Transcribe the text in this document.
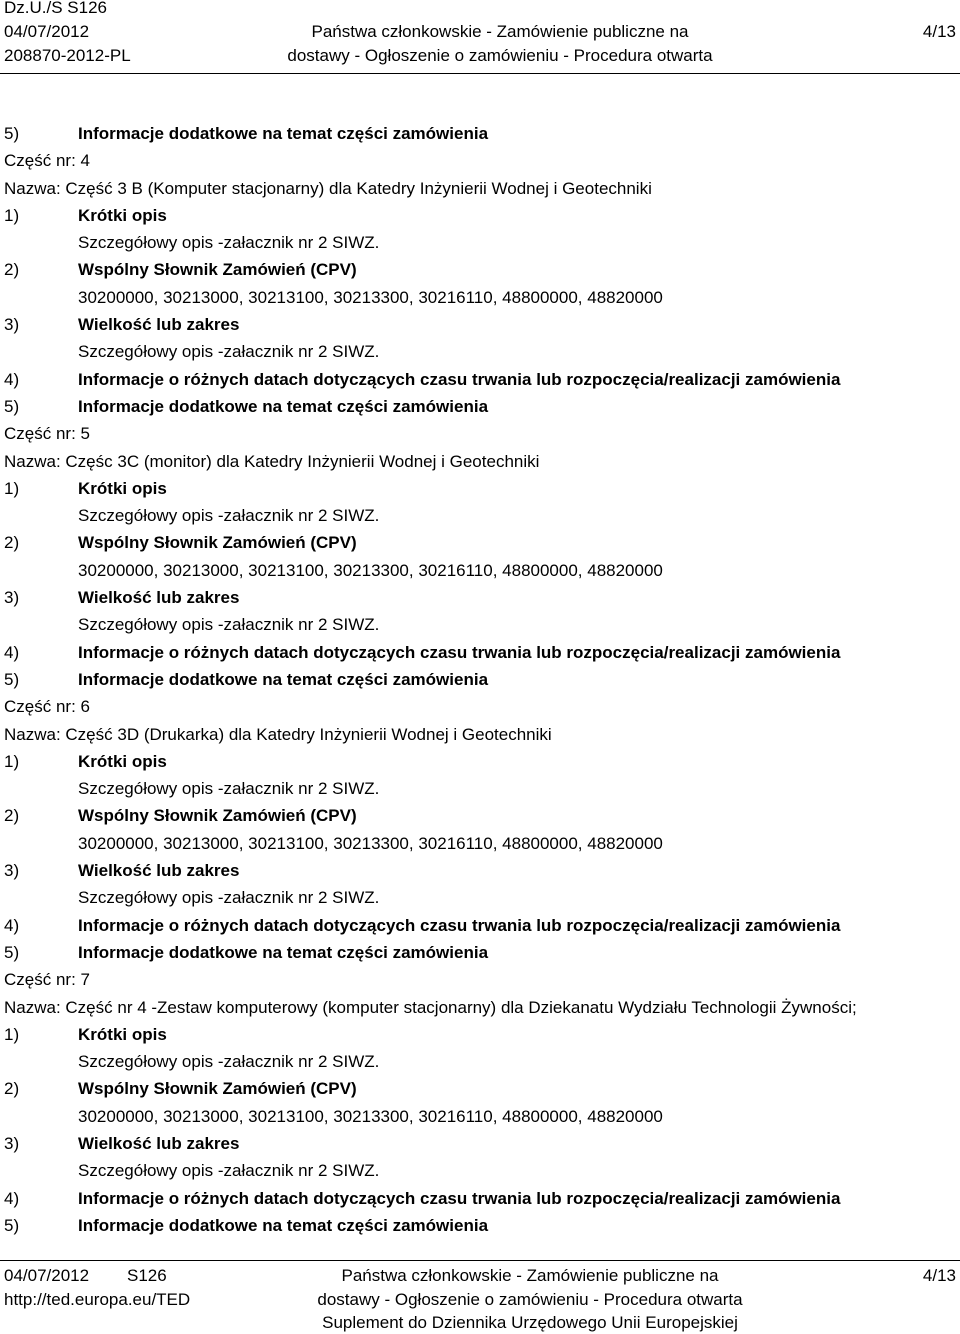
Dz.U./S S126
04/07/2012
208870-2012-PL
Państwa członkowskie - Zamówienie publiczne na
dostawy - Ogłoszenie o zamówieniu - Procedura otwarta
4/13
5)	Informacje dodatkowe na temat części zamówienia
Część nr: 4
Nazwa: Część 3 B (Komputer stacjonarny) dla Katedry Inżynierii Wodnej i Geotechniki
1)	Krótki opis
Szczegółowy opis -załacznik nr 2 SIWZ.
2)	Wspólny Słownik Zamówień (CPV)
30200000, 30213000, 30213100, 30213300, 30216110, 48800000, 48820000
3)	Wielkość lub zakres
Szczegółowy opis -załacznik nr 2 SIWZ.
4)	Informacje o różnych datach dotyczących czasu trwania lub rozpoczęcia/realizacji zamówienia
5)	Informacje dodatkowe na temat części zamówienia
Część nr: 5
Nazwa: Częśc 3C (monitor) dla Katedry Inżynierii Wodnej i Geotechniki
1)	Krótki opis
Szczegółowy opis -załacznik nr 2 SIWZ.
2)	Wspólny Słownik Zamówień (CPV)
30200000, 30213000, 30213100, 30213300, 30216110, 48800000, 48820000
3)	Wielkość lub zakres
Szczegółowy opis -załacznik nr 2 SIWZ.
4)	Informacje o różnych datach dotyczących czasu trwania lub rozpoczęcia/realizacji zamówienia
5)	Informacje dodatkowe na temat części zamówienia
Część nr: 6
Nazwa: Część 3D (Drukarka) dla Katedry Inżynierii Wodnej i Geotechniki
1)	Krótki opis
Szczegółowy opis -załacznik nr 2 SIWZ.
2)	Wspólny Słownik Zamówień (CPV)
30200000, 30213000, 30213100, 30213300, 30216110, 48800000, 48820000
3)	Wielkość lub zakres
Szczegółowy opis -załacznik nr 2 SIWZ.
4)	Informacje o różnych datach dotyczących czasu trwania lub rozpoczęcia/realizacji zamówienia
5)	Informacje dodatkowe na temat części zamówienia
Część nr: 7
Nazwa: Część nr 4 -Zestaw komputerowy (komputer stacjonarny) dla Dziekanatu Wydziału Technologii Żywności;
1)	Krótki opis
Szczegółowy opis -załacznik nr 2 SIWZ.
2)	Wspólny Słownik Zamówień (CPV)
30200000, 30213000, 30213100, 30213300, 30216110, 48800000, 48820000
3)	Wielkość lub zakres
Szczegółowy opis -załacznik nr 2 SIWZ.
4)	Informacje o różnych datach dotyczących czasu trwania lub rozpoczęcia/realizacji zamówienia
5)	Informacje dodatkowe na temat części zamówienia
04/07/2012 S126
http://ted.europa.eu/TED
Państwa członkowskie - Zamówienie publiczne na
dostawy - Ogłoszenie o zamówieniu - Procedura otwarta
Suplement do Dziennika Urzędowego Unii Europejskiej
4/13
